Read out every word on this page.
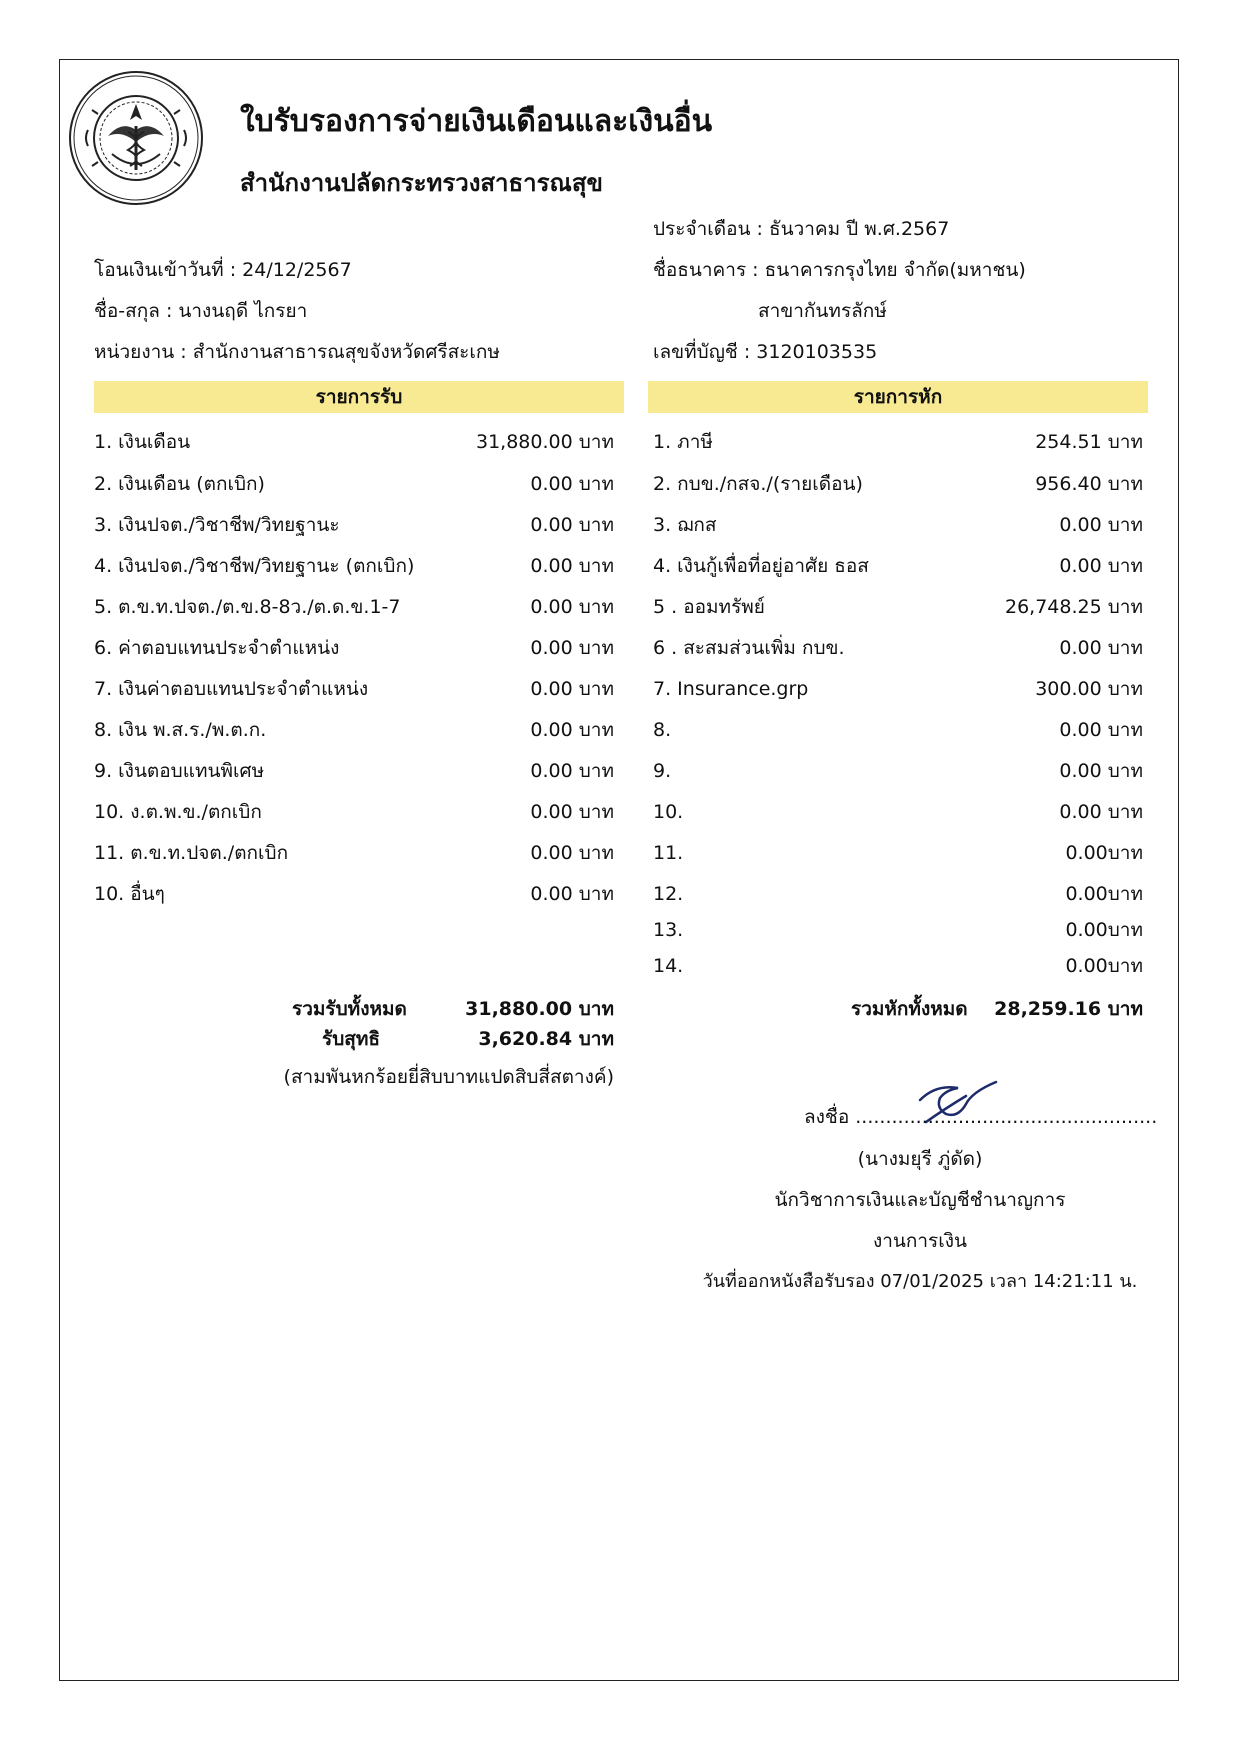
ใบรับรองการจ่ายเงินเดือนและเงินอื่น
สำนักงานปลัดกระทรวงสาธารณสุข
ประจำเดือน : ธันวาคม ปี พ.ศ.2567
โอนเงินเข้าวันที่ : 24/12/2567	ชื่อธนาคาร : ธนาคารกรุงไทย จำกัด(มหาชน)
ชื่อ-สกุล : นางนฤดี ไกรยา	สาขากันทรลักษ์
หน่วยงาน : สำนักงานสาธารณสุขจังหวัดศรีสะเกษ	เลขที่บัญชี : 3120103535
รายการรับ	รายการหัก
1. เงินเดือน	31,880.00 บาท
2. เงินเดือน (ตกเบิก)	0.00 บาท
3. เงินปจต./วิชาชีพ/วิทยฐานะ	0.00 บาท
4. เงินปจต./วิชาชีพ/วิทยฐานะ (ตกเบิก)	0.00 บาท
5. ต.ข.ท.ปจต./ต.ข.8-8ว./ต.ด.ข.1-7	0.00 บาท
6. ค่าตอบแทนประจำตำแหน่ง	0.00 บาท
7. เงินค่าตอบแทนประจำตำแหน่ง	0.00 บาท
8. เงิน พ.ส.ร./พ.ต.ก.	0.00 บาท
9. เงินตอบแทนพิเศษ	0.00 บาท
10. ง.ต.พ.ข./ตกเบิก	0.00 บาท
11. ต.ข.ท.ปจต./ตกเบิก	0.00 บาท
10. อื่นๆ	0.00 บาท
1. ภาษี	254.51 บาท
2. กบข./กสจ./(รายเดือน)	956.40 บาท
3. ฌกส	0.00 บาท
4. เงินกู้เพื่อที่อยู่อาศัย ธอส	0.00 บาท
5 . ออมทรัพย์	26,748.25 บาท
6 . สะสมส่วนเพิ่ม กบข.	0.00 บาท
7. Insurance.grp	300.00 บาท
8.	0.00 บาท
9.	0.00 บาท
10.	0.00 บาท
11.	0.00บาท
12.	0.00บาท
13.	0.00บาท
14.	0.00บาท
รวมรับทั้งหมด	31,880.00 บาท
รับสุทธิ	3,620.84 บาท
(สามพันหกร้อยยี่สิบบาทแปดสิบสี่สตางค์)
รวมหักทั้งหมด	28,259.16 บาท
ลงชื่อ ..................................................
(นางมยุรี ภู่ดัด)
นักวิชาการเงินและบัญชีชำนาญการ
งานการเงิน
วันที่ออกหนังสือรับรอง 07/01/2025 เวลา 14:21:11 น.
